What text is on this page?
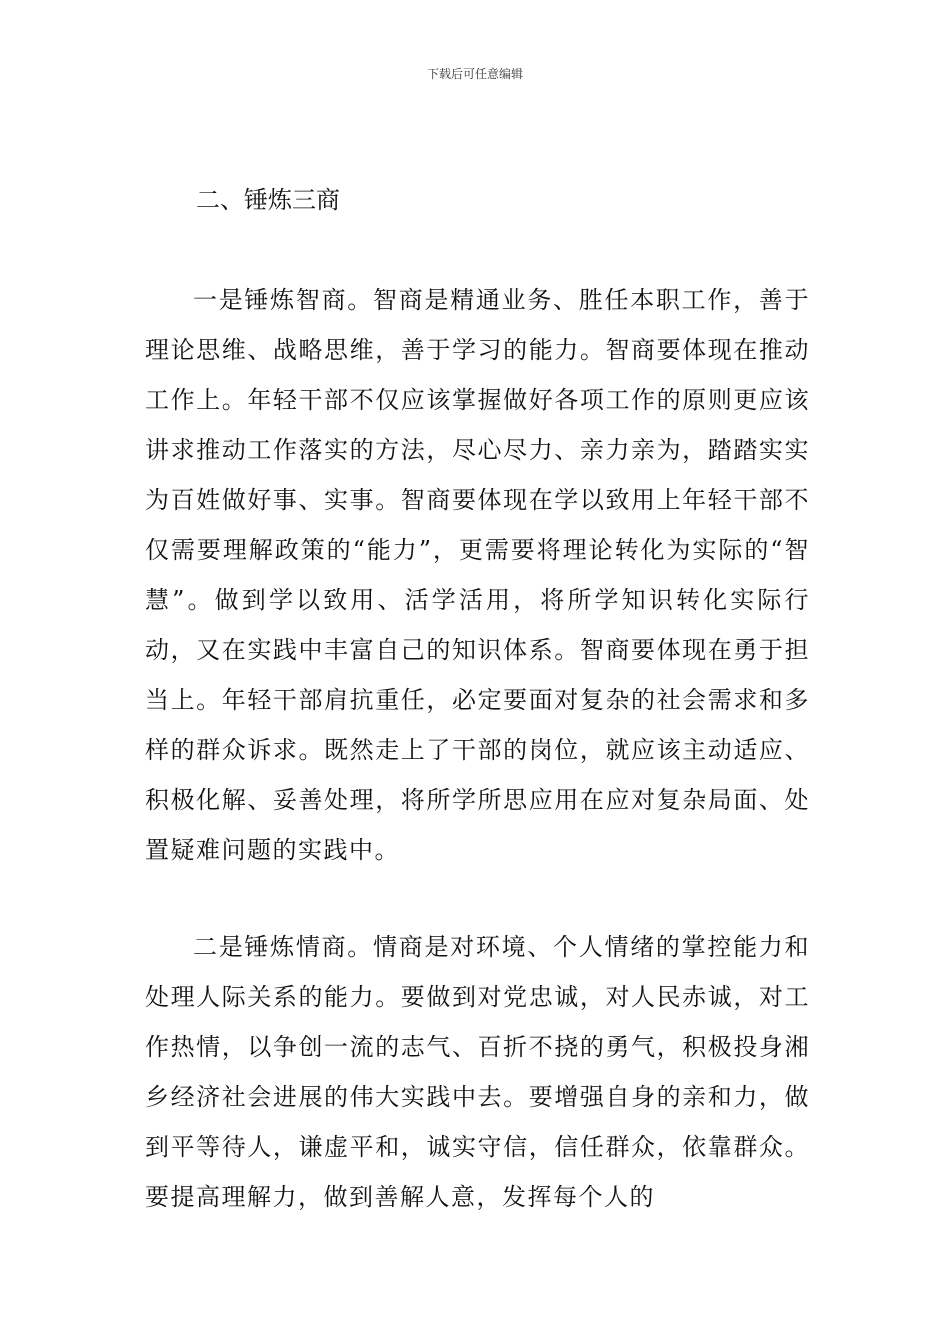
下载后可任意编辑
二、锤炼三商

一是锤炼智商。智商是精通业务、胜任本职工作，善于理论思维、战略思维，善于学习的能力。智商要体现在推动工作上。年轻干部不仅应该掌握做好各项工作的原则更应该讲求推动工作落实的方法，尽心尽力、亲力亲为，踏踏实实为百姓做好事、实事。智商要体现在学以致用上年轻干部不仅需要理解政策的“能力”，更需要将理论转化为实际的“智慧”。做到学以致用、活学活用，将所学知识转化实际行动，又在实践中丰富自己的知识体系。智商要体现在勇于担当上。年轻干部肩抗重任，必定要面对复杂的社会需求和多样的群众诉求。既然走上了干部的岗位，就应该主动适应、积极化解、妥善处理，将所学所思应用在应对复杂局面、处置疑难问题的实践中。

二是锤炼情商。情商是对环境、个人情绪的掌控能力和处理人际关系的能力。要做到对党忠诚，对人民赤诚，对工作热情，以争创一流的志气、百折不挠的勇气，积极投身湘乡经济社会进展的伟大实践中去。要增强自身的亲和力，做到平等待人，谦虚平和，诚实守信，信任群众，依靠群众。要提高理解力，做到善解人意，发挥每个人的
